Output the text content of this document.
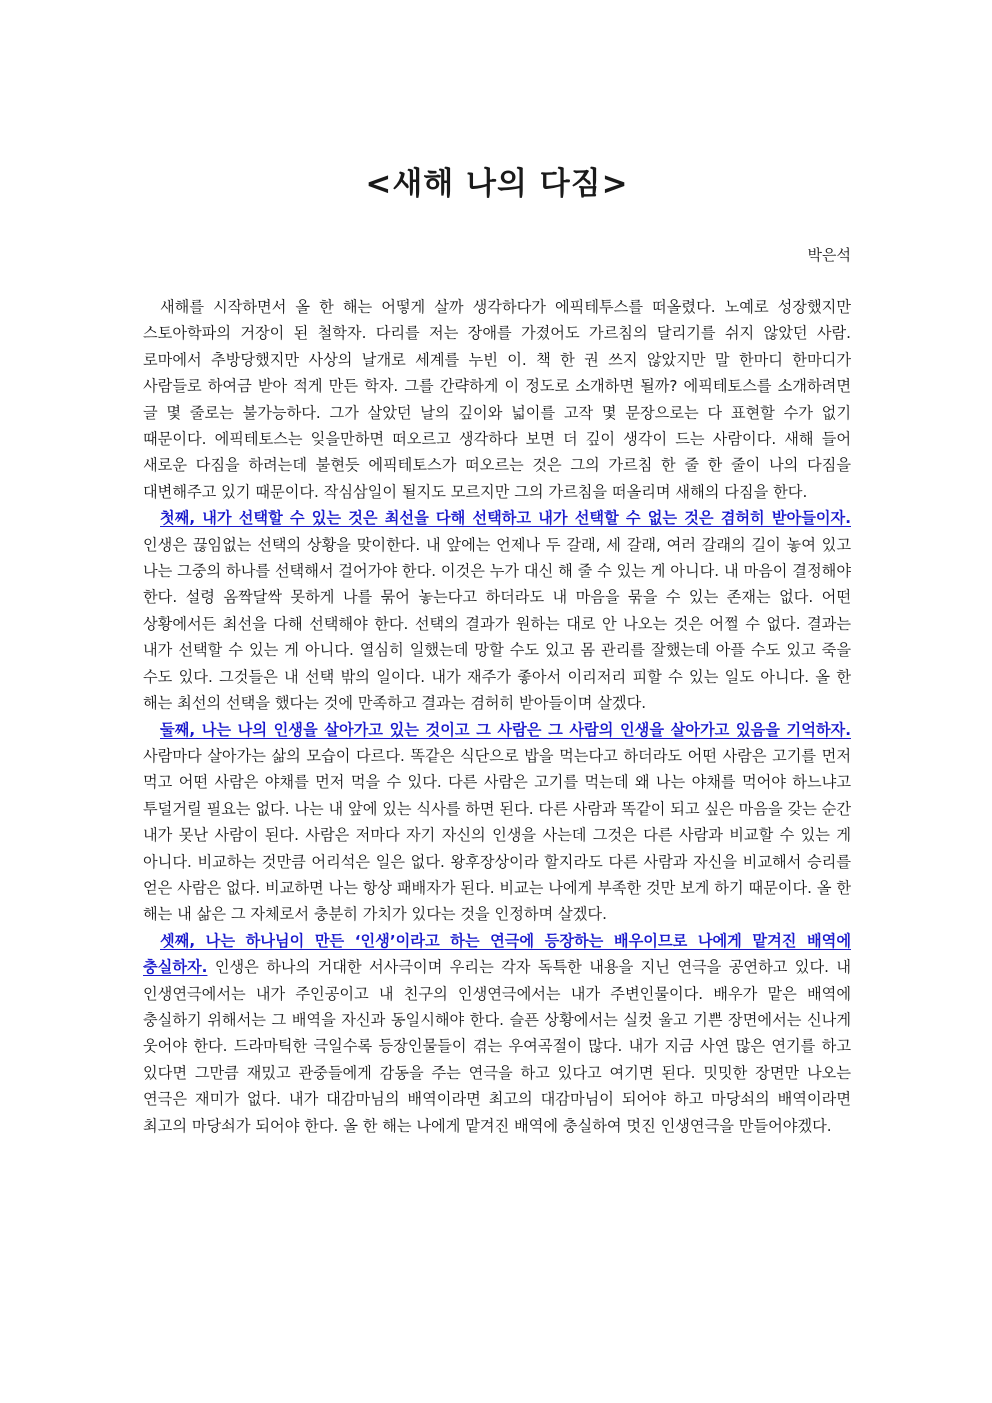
<새해 나의 다짐>

박은석

새해를 시작하면서 올 한 해는 어떻게 살까 생각하다가 에픽테투스를 떠올렸다. 노예로 성장했지만 스토아학파의 거장이 된 철학자. 다리를 저는 장애를 가졌어도 가르침의 달리기를 쉬지 않았던 사람. 로마에서 추방당했지만 사상의 날개로 세계를 누빈 이. 책 한 권 쓰지 않았지만 말 한마디 한마디가 사람들로 하여금 받아 적게 만든 학자. 그를 간략하게 이 정도로 소개하면 될까? 에픽테토스를 소개하려면 글 몇 줄로는 불가능하다. 그가 살았던 날의 깊이와 넓이를 고작 몇 문장으로는 다 표현할 수가 없기 때문이다. 에픽테토스는 잊을만하면 떠오르고 생각하다 보면 더 깊이 생각이 드는 사람이다. 새해 들어 새로운 다짐을 하려는데 불현듯 에픽테토스가 떠오르는 것은 그의 가르침 한 줄 한 줄이 나의 다짐을 대변해주고 있기 때문이다. 작심삼일이 될지도 모르지만 그의 가르침을 떠올리며 새해의 다짐을 한다.

첫째, 내가 선택할 수 있는 것은 최선을 다해 선택하고 내가 선택할 수 없는 것은 겸허히 받아들이자. 인생은 끊임없는 선택의 상황을 맞이한다. 내 앞에는 언제나 두 갈래, 세 갈래, 여러 갈래의 길이 놓여 있고 나는 그중의 하나를 선택해서 걸어가야 한다. 이것은 누가 대신 해 줄 수 있는 게 아니다. 내 마음이 결정해야 한다. 설령 옴짝달싹 못하게 나를 묶어 놓는다고 하더라도 내 마음을 묶을 수 있는 존재는 없다. 어떤 상황에서든 최선을 다해 선택해야 한다. 선택의 결과가 원하는 대로 안 나오는 것은 어쩔 수 없다. 결과는 내가 선택할 수 있는 게 아니다. 열심히 일했는데 망할 수도 있고 몸 관리를 잘했는데 아플 수도 있고 죽을 수도 있다. 그것들은 내 선택 밖의 일이다. 내가 재주가 좋아서 이리저리 피할 수 있는 일도 아니다. 올 한 해는 최선의 선택을 했다는 것에 만족하고 결과는 겸허히 받아들이며 살겠다.

둘째, 나는 나의 인생을 살아가고 있는 것이고 그 사람은 그 사람의 인생을 살아가고 있음을 기억하자. 사람마다 살아가는 삶의 모습이 다르다. 똑같은 식단으로 밥을 먹는다고 하더라도 어떤 사람은 고기를 먼저 먹고 어떤 사람은 야채를 먼저 먹을 수 있다. 다른 사람은 고기를 먹는데 왜 나는 야채를 먹어야 하느냐고 투덜거릴 필요는 없다. 나는 내 앞에 있는 식사를 하면 된다. 다른 사람과 똑같이 되고 싶은 마음을 갖는 순간 내가 못난 사람이 된다. 사람은 저마다 자기 자신의 인생을 사는데 그것은 다른 사람과 비교할 수 있는 게 아니다. 비교하는 것만큼 어리석은 일은 없다. 왕후장상이라 할지라도 다른 사람과 자신을 비교해서 승리를 얻은 사람은 없다. 비교하면 나는 항상 패배자가 된다. 비교는 나에게 부족한 것만 보게 하기 때문이다. 올 한 해는 내 삶은 그 자체로서 충분히 가치가 있다는 것을 인정하며 살겠다.

셋째, 나는 하나님이 만든 ‘인생’이라고 하는 연극에 등장하는 배우이므로 나에게 맡겨진 배역에 충실하자. 인생은 하나의 거대한 서사극이며 우리는 각자 독특한 내용을 지닌 연극을 공연하고 있다. 내 인생연극에서는 내가 주인공이고 내 친구의 인생연극에서는 내가 주변인물이다. 배우가 맡은 배역에 충실하기 위해서는 그 배역을 자신과 동일시해야 한다. 슬픈 상황에서는 실컷 울고 기쁜 장면에서는 신나게 웃어야 한다. 드라마틱한 극일수록 등장인물들이 겪는 우여곡절이 많다. 내가 지금 사연 많은 연기를 하고 있다면 그만큼 재밌고 관중들에게 감동을 주는 연극을 하고 있다고 여기면 된다. 밋밋한 장면만 나오는 연극은 재미가 없다. 내가 대감마님의 배역이라면 최고의 대감마님이 되어야 하고 마당쇠의 배역이라면 최고의 마당쇠가 되어야 한다. 올 한 해는 나에게 맡겨진 배역에 충실하여 멋진 인생연극을 만들어야겠다.
